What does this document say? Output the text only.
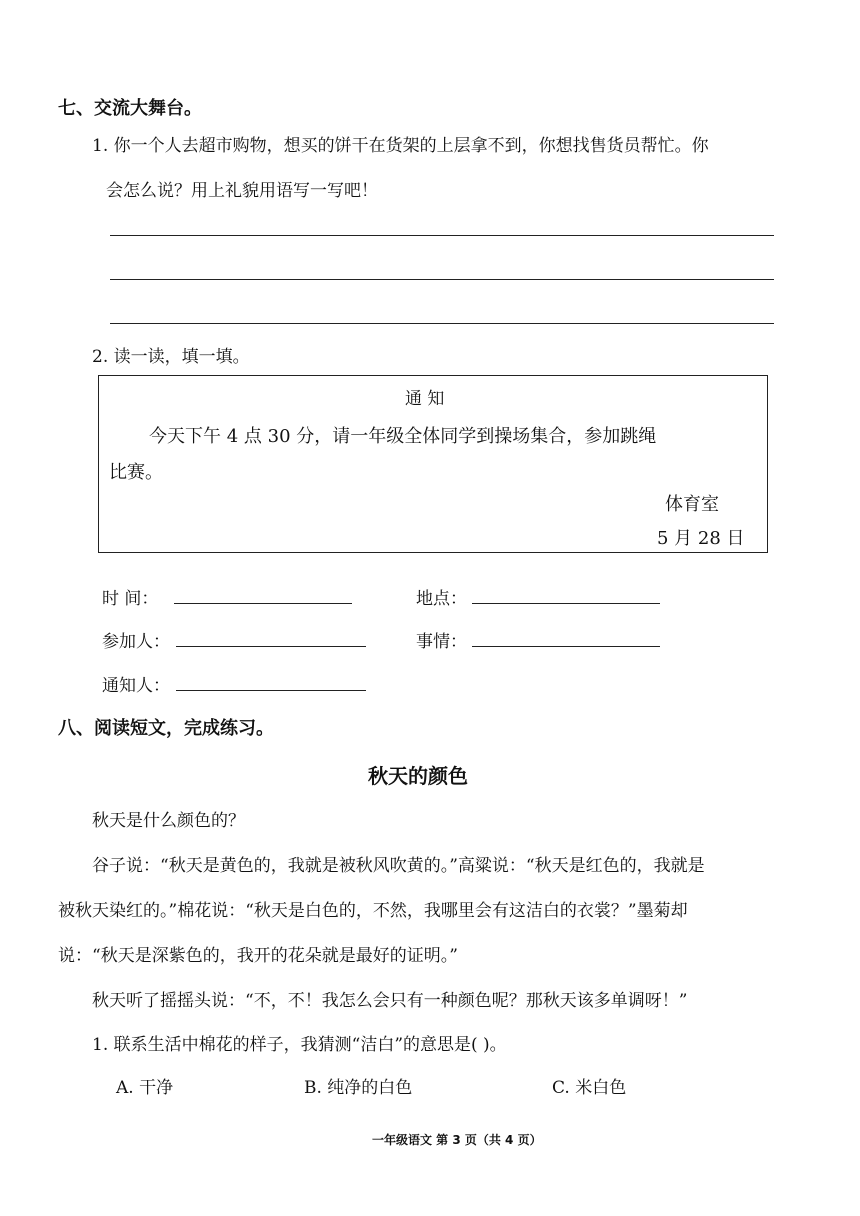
七、交流大舞台。
1. 你一个人去超市购物，想买的饼干在货架的上层拿不到，你想找售货员帮忙。你
会怎么说？用上礼貌用语写一写吧！
2. 读一读，填一填。
通 知
今天下午 4 点 30 分，请一年级全体同学到操场集合，参加跳绳
比赛。
体育室
5 月 28 日
时 间：	地点：
参加人：	事情：
通知人：
八、阅读短文，完成练习。
秋天的颜色
秋天是什么颜色的？
谷子说：“秋天是黄色的，我就是被秋风吹黄的。”高粱说：“秋天是红色的，我就是
被秋天染红的。”棉花说：“秋天是白色的，不然，我哪里会有这洁白的衣裳？”墨菊却
说：“秋天是深紫色的，我开的花朵就是最好的证明。”
秋天听了摇摇头说：“不，不！我怎么会只有一种颜色呢？那秋天该多单调呀！”
1. 联系生活中棉花的样子，我猜测“洁白”的意思是( )。
A. 干净	B. 纯净的白色	C. 米白色
一年级语文 第 3 页（共 4 页）
